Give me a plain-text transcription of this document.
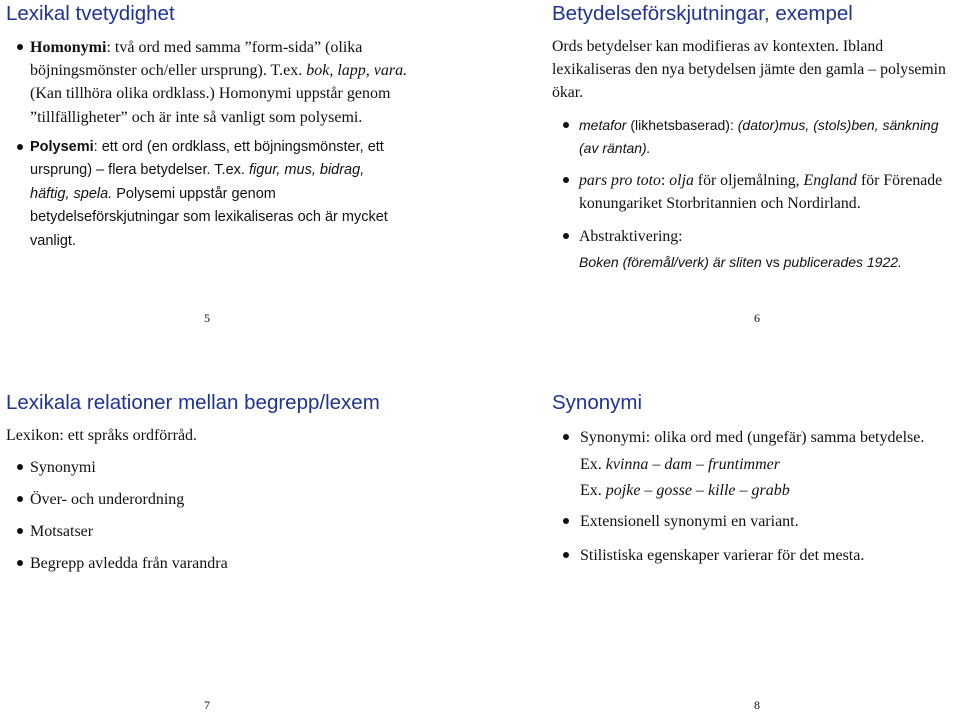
Lexikal tvetydighet
Homonymi: två ord med samma ”form-sida” (olika
böjningsmönster och/eller ursprung). T.ex. bok, lapp, vara.
(Kan tillhöra olika ordklass.) Homonymi uppstår genom
”tillfälligheter” och är inte så vanligt som polysemi.
Polysemi: ett ord (en ordklass, ett böjningsmönster, ett
ursprung) – flera betydelser. T.ex. figur, mus, bidrag,
häftig, spela. Polysemi uppstår genom
betydelseförskjutningar som lexikaliseras och är mycket
vanligt.
5
Betydelseförskjutningar, exempel
Ords betydelser kan modifieras av kontexten. Ibland
lexikaliseras den nya betydelsen jämte den gamla – polysemin
ökar.
metafor (likhetsbaserad): (dator)mus, (stols)ben, sänkning
(av räntan).
pars pro toto: olja för oljemålning, England för Förenade
konungariket Storbritannien och Nordirland.
Abstraktivering:
Boken (föremål/verk) är sliten vs publicerades 1922.
6
Lexikala relationer mellan begrepp/lexem
Lexikon: ett språks ordförråd.
Synonymi
Över- och underordning
Motsatser
Begrepp avledda från varandra
7
Synonymi
Synonymi: olika ord med (ungefär) samma betydelse.
Ex. kvinna – dam – fruntimmer
Ex. pojke – gosse – kille – grabb
Extensionell synonymi en variant.
Stilistiska egenskaper varierar för det mesta.
8
